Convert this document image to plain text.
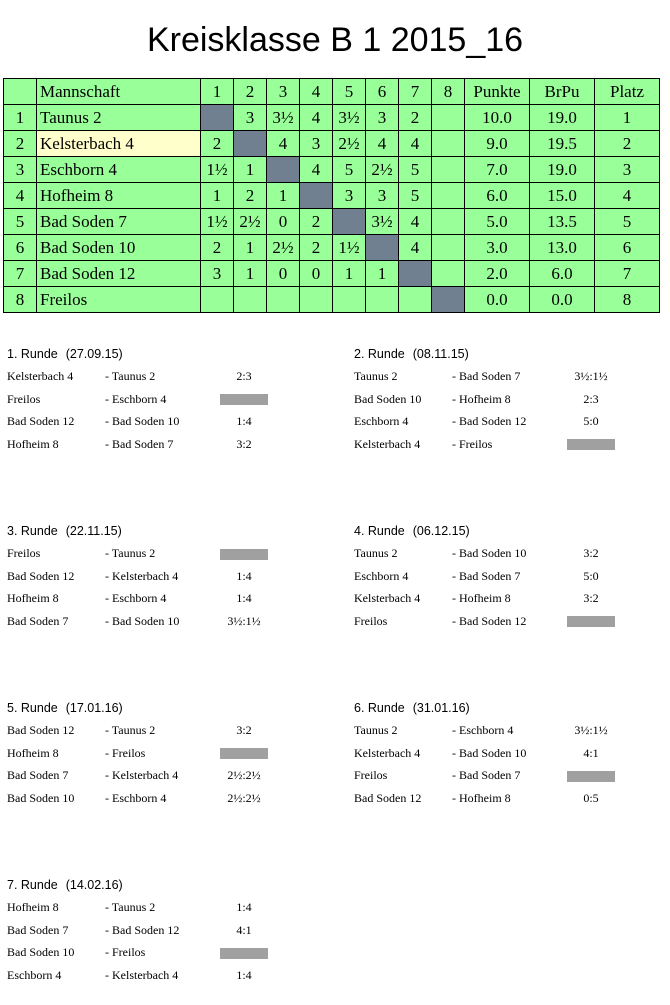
Kreisklasse B 1 2015_16
	Mannschaft	1	2	3	4	5	6	7	8	Punkte	BrPu	Platz
1	Taunus 2		3	3½	4	3½	3	2		10.0	19.0	1
2	Kelsterbach 4	2		4	3	2½	4	4		9.0	19.5	2
3	Eschborn 4	1½	1		4	5	2½	5		7.0	19.0	3
4	Hofheim 8	1	2	1		3	3	5		6.0	15.0	4
5	Bad Soden 7	1½	2½	0	2		3½	4		5.0	13.5	5
6	Bad Soden 10	2	1	2½	2	1½		4		3.0	13.0	6
7	Bad Soden 12	3	1	0	0	1	1			2.0	6.0	7
8	Freilos									0.0	0.0	8
1. Runde (27.09.15)
Kelsterbach 4	- Taunus 2	2:3
Freilos	- Eschborn 4
Bad Soden 12	- Bad Soden 10	1:4
Hofheim 8	- Bad Soden 7	3:2
2. Runde (08.11.15)
Taunus 2	- Bad Soden 7	3½:1½
Bad Soden 10	- Hofheim 8	2:3
Eschborn 4	- Bad Soden 12	5:0
Kelsterbach 4	- Freilos
3. Runde (22.11.15)
Freilos	- Taunus 2
Bad Soden 12	- Kelsterbach 4	1:4
Hofheim 8	- Eschborn 4	1:4
Bad Soden 7	- Bad Soden 10	3½:1½
4. Runde (06.12.15)
Taunus 2	- Bad Soden 10	3:2
Eschborn 4	- Bad Soden 7	5:0
Kelsterbach 4	- Hofheim 8	3:2
Freilos	- Bad Soden 12
5. Runde (17.01.16)
Bad Soden 12	- Taunus 2	3:2
Hofheim 8	- Freilos
Bad Soden 7	- Kelsterbach 4	2½:2½
Bad Soden 10	- Eschborn 4	2½:2½
6. Runde (31.01.16)
Taunus 2	- Eschborn 4	3½:1½
Kelsterbach 4	- Bad Soden 10	4:1
Freilos	- Bad Soden 7
Bad Soden 12	- Hofheim 8	0:5
7. Runde (14.02.16)
Hofheim 8	- Taunus 2	1:4
Bad Soden 7	- Bad Soden 12	4:1
Bad Soden 10	- Freilos
Eschborn 4	- Kelsterbach 4	1:4
